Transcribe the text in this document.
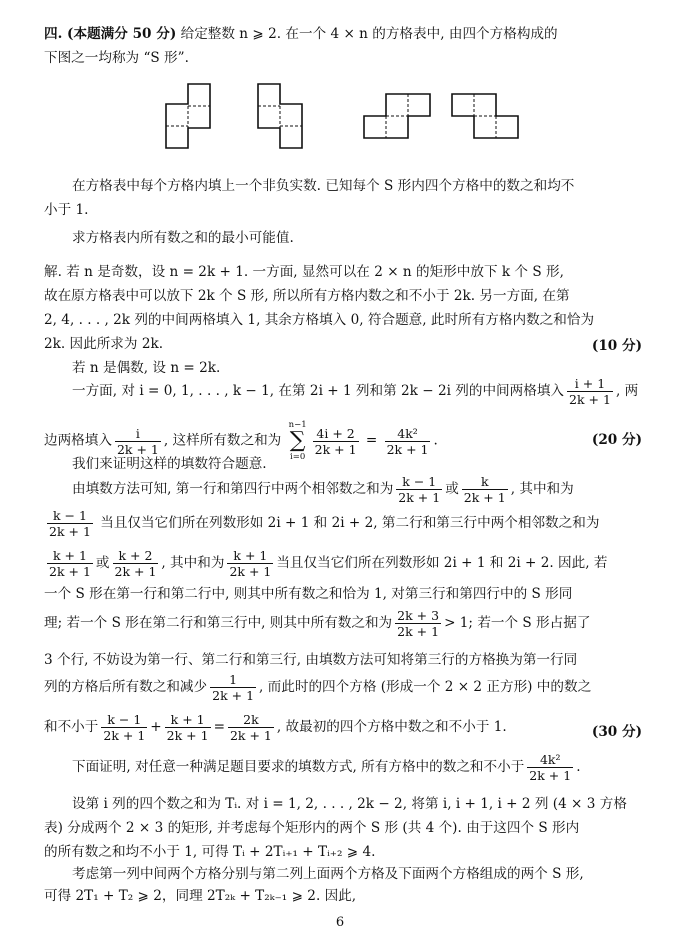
四. (本题满分 50 分) 给定整数 n ⩾ 2. 在一个 4 × n 的方格表中, 由四个方格构成的
下图之一均称为 “S 形”.
在方格表中每个方格内填上一个非负实数. 已知每个 S 形内四个方格中的数之和均不
小于 1.
求方格表内所有数之和的最小可能值.
解. 若 n 是奇数，设 n = 2k + 1. 一方面, 显然可以在 2 × n 的矩形中放下 k 个 S 形,
故在原方格表中可以放下 2k 个 S 形, 所以所有方格内数之和不小于 2k. 另一方面, 在第
2, 4, . . . , 2k 列的中间两格填入 1, 其余方格填入 0, 符合题意, 此时所有方格内数之和恰为
2k. 因此所求为 2k.	(10 分)
若 n 是偶数, 设 n = 2k.
一方面, 对 i = 0, 1, . . . , k − 1, 在第 2i + 1 列和第 2k − 2i 列的中间两格填入 $\frac{i + 1}{2k + 1}$ , 两
边两格填入 $\frac{i}{2k + 1}$ , 这样所有数之和为
n−1
∑
i=0
$\frac{4i + 2}{2k + 1} = \frac{\text{4k²}}{2k + 1}$ .	(20 分)
我们来证明这样的填数符合题意.
由填数方法可知, 第一行和第四行中两个相邻数之和为 $\frac{k - 1}{2k + 1}$ 或 $\frac{k}{2k + 1}$ , 其中和为
$\frac{k - 1}{2k + 1}$ 当且仅当它们所在列数形如 2i + 1 和 2i + 2, 第二行和第三行中两个相邻数之和为
$\frac{k + 1}{2k + 1}$ 或 $\frac{k + 2}{2k + 1}$ , 其中和为 $\frac{k + 1}{2k + 1}$ 当且仅当它们所在列数形如 2i + 1 和 2i + 2. 因此, 若
一个 S 形在第一行和第二行中, 则其中所有数之和恰为 1, 对第三行和第四行中的 S 形同
理; 若一个 S 形在第二行和第三行中, 则其中所有数之和为 $\frac{2k + 3}{2k + 1} > 1$; 若一个 S 形占据了
3 个行, 不妨设为第一行、第二行和第三行, 由填数方法可知将第三行的方格换为第一行同
列的方格后所有数之和减少 $\frac{1}{2k + 1}$ , 而此时的四个方格 (形成一个 2 × 2 正方形) 中的数之
和不小于 $\frac{k - 1}{2k + 1} + \frac{k + 1}{2k + 1} = \frac{2k}{2k + 1}$ , 故最初的四个方格中数之和不小于 1.	(30 分)
下面证明, 对任意一种满足题目要求的填数方式, 所有方格中的数之和不小于 $\frac{\text{4k²}}{2k + 1}$ .
设第 i 列的四个数之和为 Tᵢ. 对 i = 1, 2, . . . , 2k − 2, 将第 i, i + 1, i + 2 列 (4 × 3 方格
表) 分成两个 2 × 3 的矩形, 并考虑每个矩形内的两个 S 形 (共 4 个). 由于这四个 S 形内
的所有数之和均不小于 1, 可得 Tᵢ + 2Tᵢ₊₁ + Tᵢ₊₂ ⩾ 4.
考虑第一列中间两个方格分别与第二列上面两个方格及下面两个方格组成的两个 S 形,
可得 2T₁ + T₂ ⩾ 2，同理 2T₂ₖ + T₂ₖ₋₁ ⩾ 2. 因此,
6
